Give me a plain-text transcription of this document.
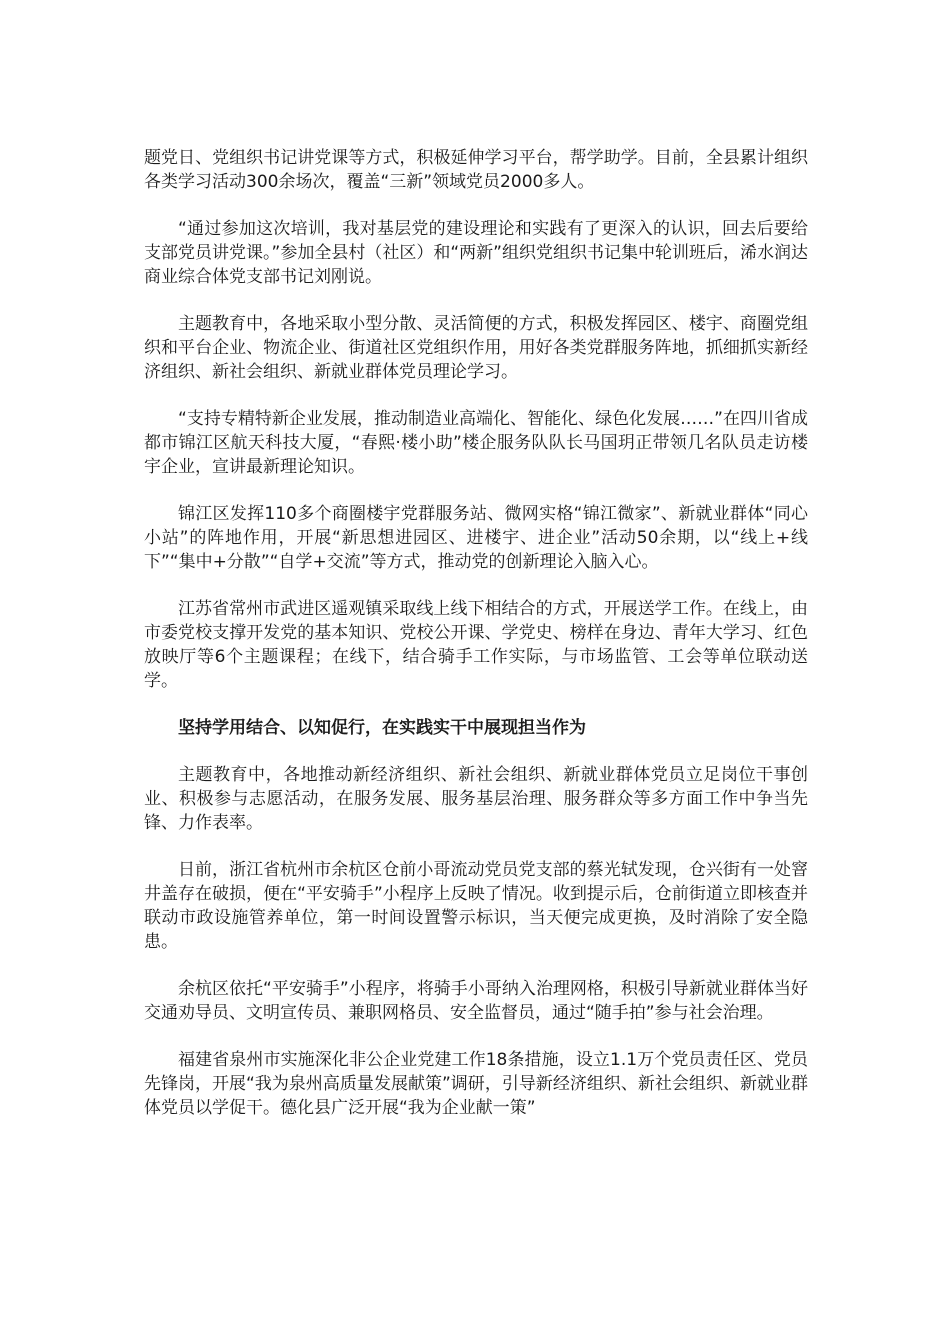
题党日、党组织书记讲党课等方式，积极延伸学习平台，帮学助学。目前，全县累计组织各类学习活动300余场次，覆盖“三新”领域党员2000多人。

“通过参加这次培训，我对基层党的建设理论和实践有了更深入的认识，回去后要给支部党员讲党课。”参加全县村（社区）和“两新”组织党组织书记集中轮训班后，浠水润达商业综合体党支部书记刘刚说。

主题教育中，各地采取小型分散、灵活简便的方式，积极发挥园区、楼宇、商圈党组织和平台企业、物流企业、街道社区党组织作用，用好各类党群服务阵地，抓细抓实新经济组织、新社会组织、新就业群体党员理论学习。

“支持专精特新企业发展，推动制造业高端化、智能化、绿色化发展……”在四川省成都市锦江区航天科技大厦，“春熙·楼小助”楼企服务队队长马国玥正带领几名队员走访楼宇企业，宣讲最新理论知识。

锦江区发挥110多个商圈楼宇党群服务站、微网实格“锦江微家”、新就业群体“同心小站”的阵地作用，开展“新思想进园区、进楼宇、进企业”活动50余期，以“线上+线下”“集中+分散”“自学+交流”等方式，推动党的创新理论入脑入心。

江苏省常州市武进区遥观镇采取线上线下相结合的方式，开展送学工作。在线上，由市委党校支撑开发党的基本知识、党校公开课、学党史、榜样在身边、青年大学习、红色放映厅等6个主题课程；在线下，结合骑手工作实际，与市场监管、工会等单位联动送学。

坚持学用结合、以知促行，在实践实干中展现担当作为

主题教育中，各地推动新经济组织、新社会组织、新就业群体党员立足岗位干事创业、积极参与志愿活动，在服务发展、服务基层治理、服务群众等多方面工作中争当先锋、力作表率。

日前，浙江省杭州市余杭区仓前小哥流动党员党支部的蔡光轼发现，仓兴街有一处窨井盖存在破损，便在“平安骑手”小程序上反映了情况。收到提示后，仓前街道立即核查并联动市政设施管养单位，第一时间设置警示标识，当天便完成更换，及时消除了安全隐患。

余杭区依托“平安骑手”小程序，将骑手小哥纳入治理网格，积极引导新就业群体当好交通劝导员、文明宣传员、兼职网格员、安全监督员，通过“随手拍”参与社会治理。

福建省泉州市实施深化非公企业党建工作18条措施，设立1.1万个党员责任区、党员先锋岗，开展“我为泉州高质量发展献策”调研，引导新经济组织、新社会组织、新就业群体党员以学促干。德化县广泛开展“我为企业献一策”
